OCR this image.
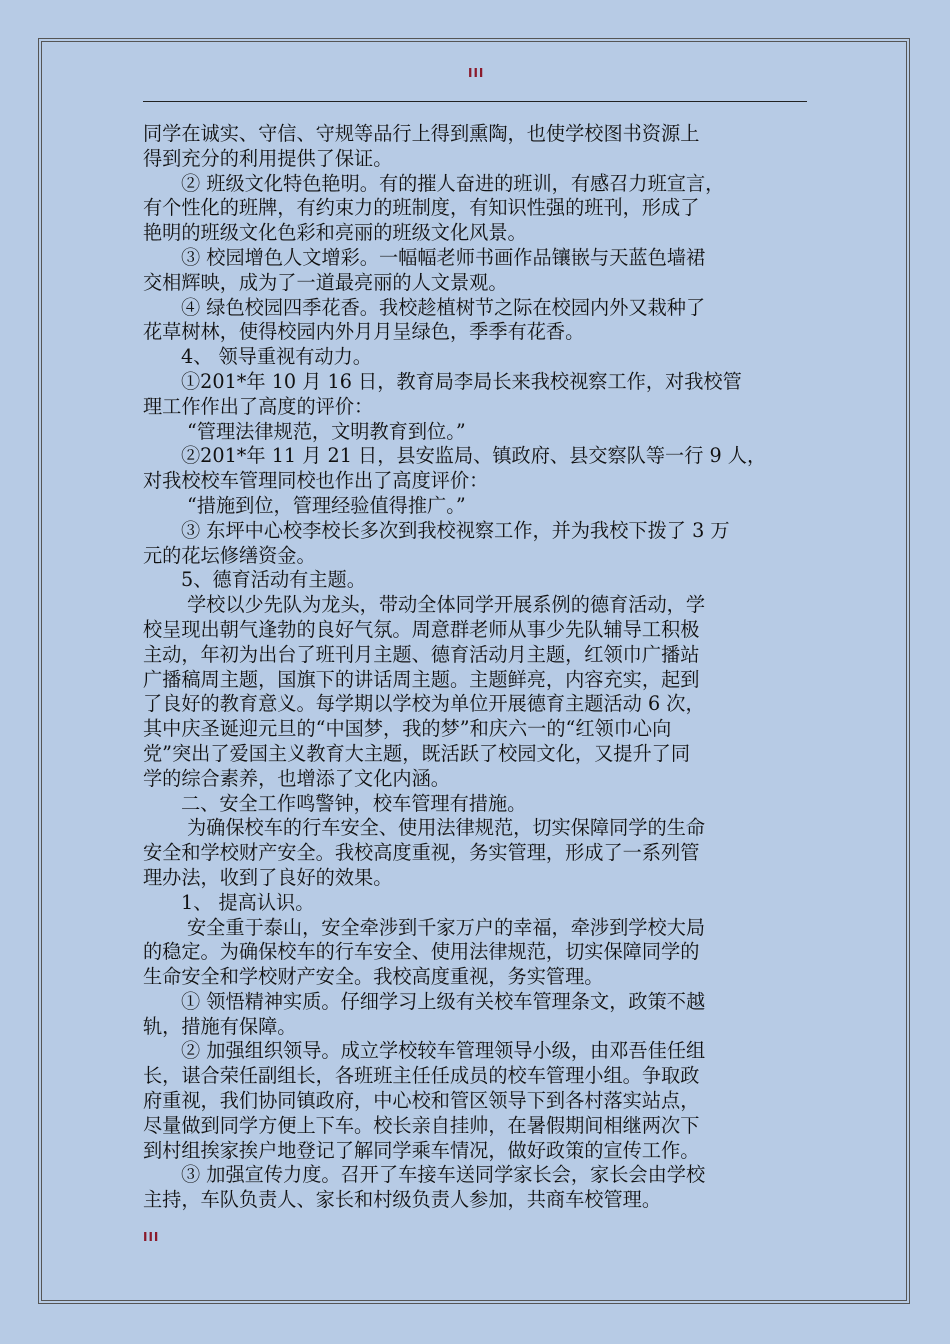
III

同学在诚实、守信、守规等品行上得到熏陶，也使学校图书资源上

得到充分的利用提供了保证。

② 班级文化特色艳明。有的摧人奋进的班训，有感召力班宣言，

有个性化的班牌，有约束力的班制度，有知识性强的班刊，形成了

艳明的班级文化色彩和亮丽的班级文化风景。

③ 校园增色人文增彩。一幅幅老师书画作品镶嵌与天蓝色墙裙

交相辉映，成为了一道最亮丽的人文景观。

④ 绿色校园四季花香。我校趁植树节之际在校园内外又栽种了

花草树林，使得校园内外月月呈绿色，季季有花香。

4、 领导重视有动力。

①201*年 10 月 16 日，教育局李局长来我校视察工作，对我校管

理工作作出了高度的评价：

“管理法律规范，文明教育到位。”

②201*年 11 月 21 日，县安监局、镇政府、县交察队等一行 9 人，

对我校校车管理同校也作出了高度评价：

“措施到位，管理经验值得推广。”

③ 东坪中心校李校长多次到我校视察工作，并为我校下拨了 3 万

元的花坛修缮资金。

5、德育活动有主题。

学校以少先队为龙头，带动全体同学开展系例的德育活动，学

校呈现出朝气逢勃的良好气氛。周意群老师从事少先队辅导工积极

主动，年初为出台了班刊月主题、德育活动月主题，红领巾广播站

广播稿周主题，国旗下的讲话周主题。主题鲜亮，内容充实，起到

了良好的教育意义。每学期以学校为单位开展德育主题活动 6 次，

其中庆圣诞迎元旦的“中国梦，我的梦”和庆六一的“红领巾心向

党”突出了爱国主义教育大主题，既活跃了校园文化，又提升了同

学的综合素养，也增添了文化内涵。

二、安全工作鸣警钟，校车管理有措施。

为确保校车的行车安全、使用法律规范，切实保障同学的生命

安全和学校财产安全。我校高度重视，务实管理，形成了一系列管

理办法，收到了良好的效果。

1、 提高认识。

安全重于泰山，安全牵涉到千家万户的幸福，牵涉到学校大局

的稳定。为确保校车的行车安全、使用法律规范，切实保障同学的

生命安全和学校财产安全。我校高度重视，务实管理。

① 领悟精神实质。仔细学习上级有关校车管理条文，政策不越

轨，措施有保障。

② 加强组织领导。成立学校较车管理领导小级，由邓吾佳任组

长，谌合荣任副组长，各班班主任任成员的校车管理小组。争取政

府重视，我们协同镇政府，中心校和管区领导下到各村落实站点，

尽量做到同学方便上下车。校长亲自挂帅，在暑假期间相继两次下

到村组挨家挨户地登记了解同学乘车情况，做好政策的宣传工作。

③ 加强宣传力度。召开了车接车送同学家长会，家长会由学校

主持，车队负责人、家长和村级负责人参加，共商车校管理。

III
